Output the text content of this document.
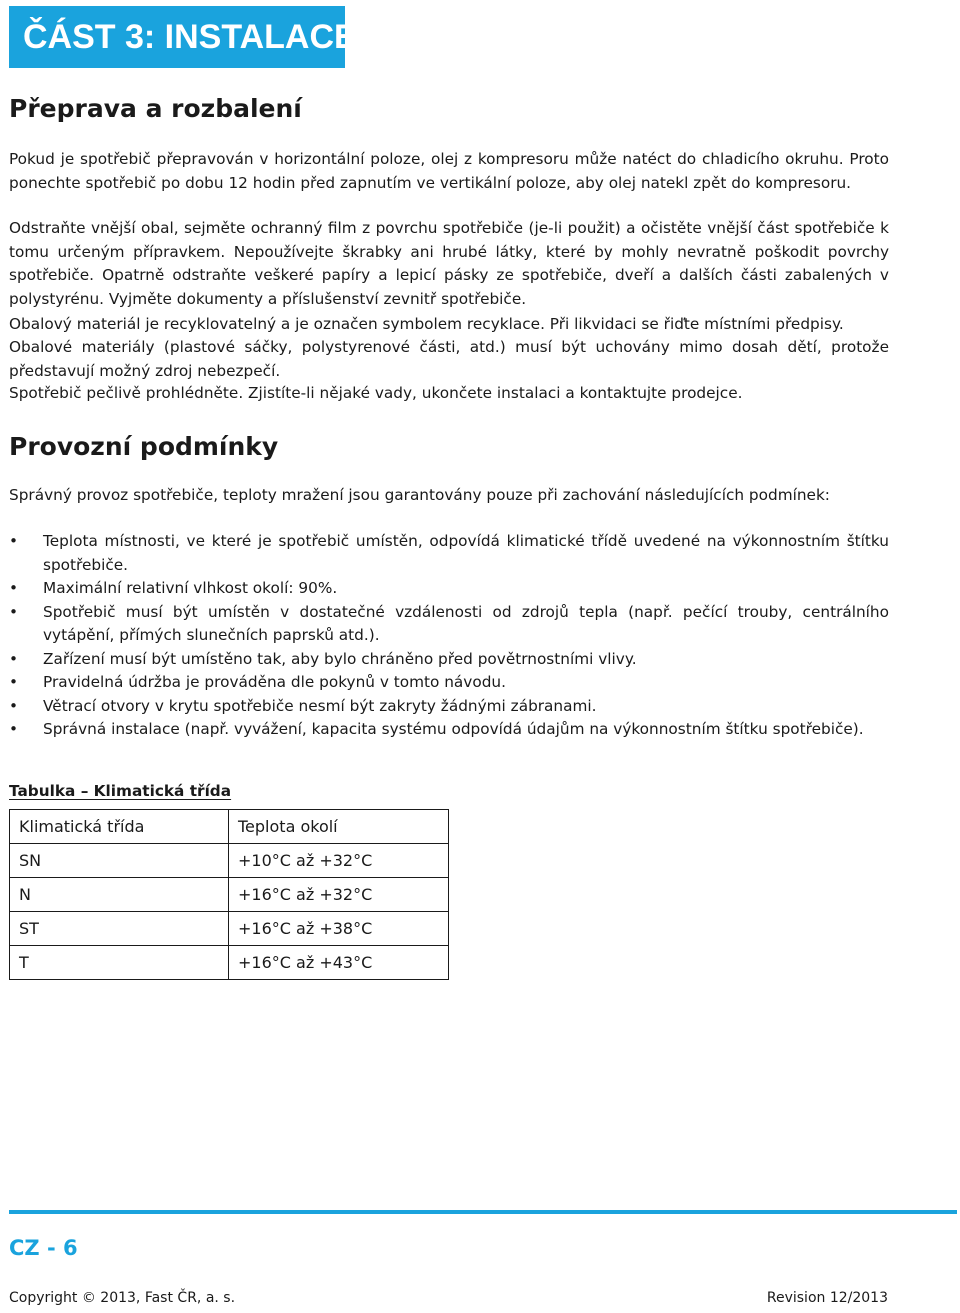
ČÁST 3: INSTALACE
Přeprava a rozbalení

Pokud je spotřebič přepravován v horizontální poloze, olej z kompresoru může natéct do chladicího okruhu. Proto ponechte spotřebič po dobu 12 hodin před zapnutím ve vertikální poloze, aby olej natekl zpět do kompresoru.

Odstraňte vnější obal, sejměte ochranný film z povrchu spotřebiče (je-li použit) a očistěte vnější část spotřebiče k tomu určeným přípravkem. Nepoužívejte škrabky ani hrubé látky, které by mohly nevratně poškodit povrchy spotřebiče. Opatrně odstraňte veškeré papíry a lepicí pásky ze spotřebiče, dveří a dalších části zabalených v polystyrénu. Vyjměte dokumenty a příslušenství zevnitř spotřebiče.

Obalový materiál je recyklovatelný a je označen symbolem recyklace. Při likvidaci se řiďte místními předpisy.

Obalové materiály (plastové sáčky, polystyrenové části, atd.) musí být uchovány mimo dosah dětí, protože představují možný zdroj nebezpečí.

Spotřebič pečlivě prohlédněte. Zjistíte-li nějaké vady, ukončete instalaci a kontaktujte prodejce.

Provozní podmínky

Správný provoz spotřebiče, teploty mražení jsou garantovány pouze při zachování následujících podmínek:

• Teplota místnosti, ve které je spotřebič umístěn, odpovídá klimatické třídě uvedené na výkonnostním štítku spotřebiče.
• Maximální relativní vlhkost okolí: 90%.
• Spotřebič musí být umístěn v dostatečné vzdálenosti od zdrojů tepla (např. pečící trouby, centrálního vytápění, přímých slunečních paprsků atd.).
• Zařízení musí být umístěno tak, aby bylo chráněno před povětrnostními vlivy.
• Pravidelná údržba je prováděna dle pokynů v tomto návodu.
• Větrací otvory v krytu spotřebiče nesmí být zakryty žádnými zábranami.
• Správná instalace (např. vyvážení, kapacita systému odpovídá údajům na výkonnostním štítku spotřebiče).
Tabulka – Klimatická třída
Klimatická třída	Teplota okolí
SN	+10°C až +32°C
N	+16°C až +32°C
ST	+16°C až +38°C
T	+16°C až +43°C
CZ - 6
Copyright © 2013, Fast ČR, a. s.	Revision 12/2013
